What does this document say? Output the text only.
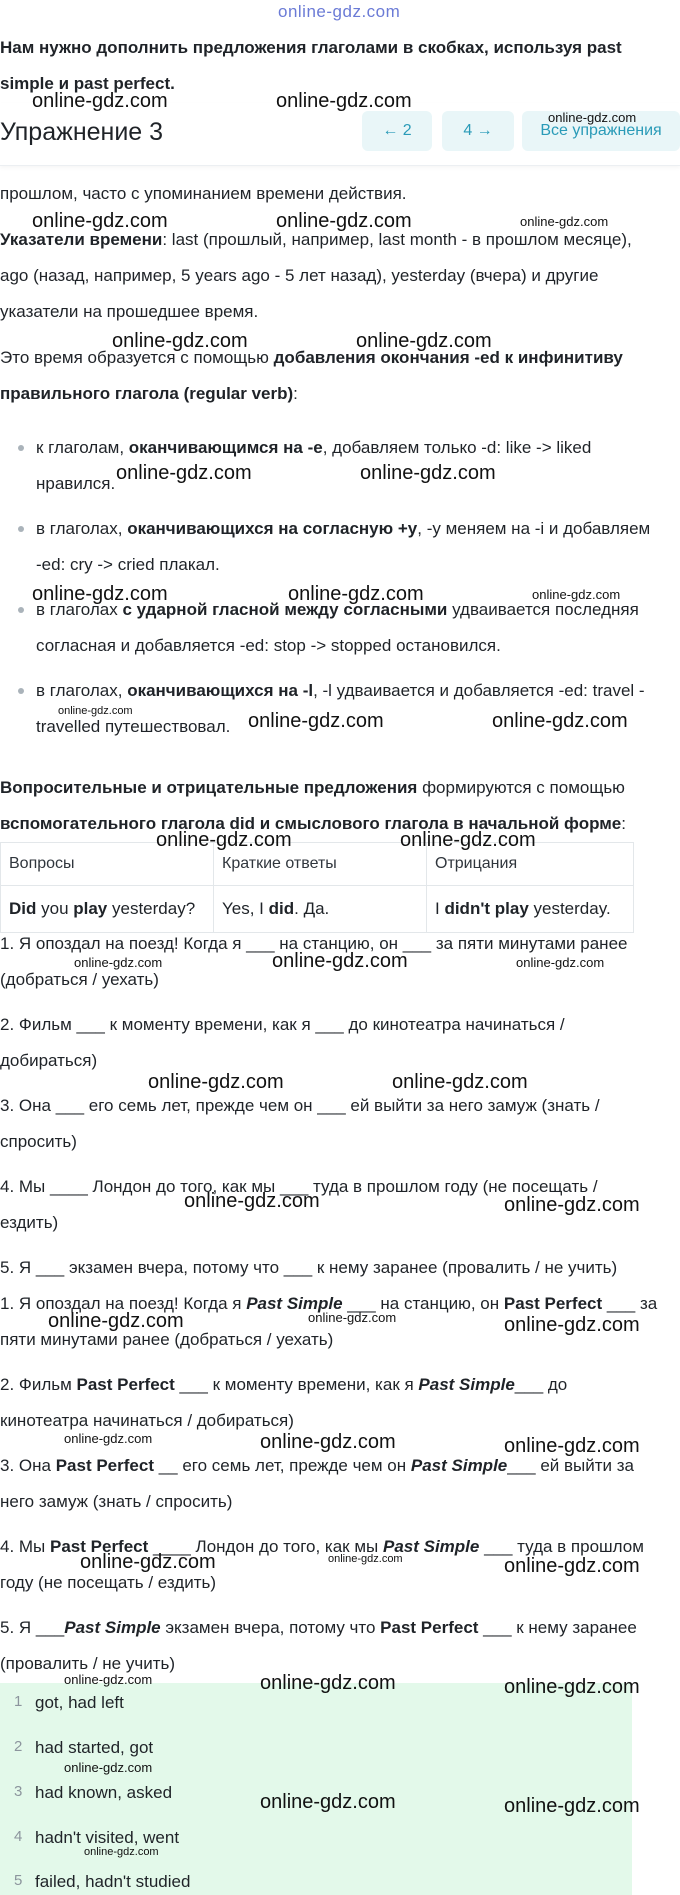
online-gdz.com
Нам нужно дополнить предложения глаголами в скобках, используя past
simple и past perfect.
прошлом, часто с упоминанием времени действия.
Упражнение 3	← 2	4 →	Все упражнения
Указатели времени: last (прошлый, например, last month - в прошлом месяце),
ago (назад, например, 5 years ago - 5 лет назад), yesterday (вчера) и другие
указатели на прошедшее время.
Это время образуется с помощью добавления окончания -ed к инфинитиву
правильного глагола (regular verb):
к глаголам, оканчивающимся на -е, добавляем только -d: like -> liked
нравился.
в глаголах, оканчивающихся на согласную +y, -y меняем на -i и добавляем
-ed: cry -> cried плакал.
в глаголах с ударной гласной между согласными удваивается последняя
согласная и добавляется -ed: stop -> stopped остановился.
в глаголах, оканчивающихся на -l, -l удваивается и добавляется -ed: travel -
travelled путешествовал.
Вопросительные и отрицательные предложения формируются с помощью
вспомогательного глагола did и смыслового глагола в начальной форме:
Вопросы	Краткие ответы	Отрицания
Did you play yesterday?	Yes, I did. Да.	I didn't play yesterday.
1. Я опоздал на поезд! Когда я ___ на станцию, он ___ за пяти минутами ранее
(добраться / уехать)
2. Фильм ___ к моменту времени, как я ___ до кинотеатра начинаться /
добираться)
3. Она ___ его семь лет, прежде чем он ___ ей выйти за него замуж (знать /
спросить)
4. Мы ____ Лондон до того, как мы ___ туда в прошлом году (не посещать /
ездить)
5. Я ___ экзамен вчера, потому что ___ к нему заранее (провалить / не учить)
1. Я опоздал на поезд! Когда я Past Simple ___ на станцию, он Past Perfect ___ за
пяти минутами ранее (добраться / уехать)
2. Фильм Past Perfect ___ к моменту времени, как я Past Simple___ до
кинотеатра начинаться / добираться)
3. Она Past Perfect __ его семь лет, прежде чем он Past Simple___ ей выйти за
него замуж (знать / спросить)
4. Мы Past Perfect ____ Лондон до того, как мы Past Simple ___ туда в прошлом
году (не посещать / ездить)
5. Я ___Past Simple экзамен вчера, потому что Past Perfect ___ к нему заранее
(провалить / не учить)
1 got, had left
2 had started, got
3 had known, asked
4 hadn't visited, went
5 failed, hadn't studied
online-gdz.com	online-gdz.com
online-gdz.com
online-gdz.com	online-gdz.com	online-gdz.com
online-gdz.com	online-gdz.com
online-gdz.com	online-gdz.com
online-gdz.com	online-gdz.com	online-gdz.com
online-gdz.com	online-gdz.com	online-gdz.com
online-gdz.com	online-gdz.com
online-gdz.com	online-gdz.com	online-gdz.com
online-gdz.com	online-gdz.com
online-gdz.com	online-gdz.com
online-gdz.com	online-gdz.com	online-gdz.com
online-gdz.com	online-gdz.com	online-gdz.com
online-gdz.com	online-gdz.com	online-gdz.com
online-gdz.com	online-gdz.com	online-gdz.com
online-gdz.com
online-gdz.com	online-gdz.com
online-gdz.com
